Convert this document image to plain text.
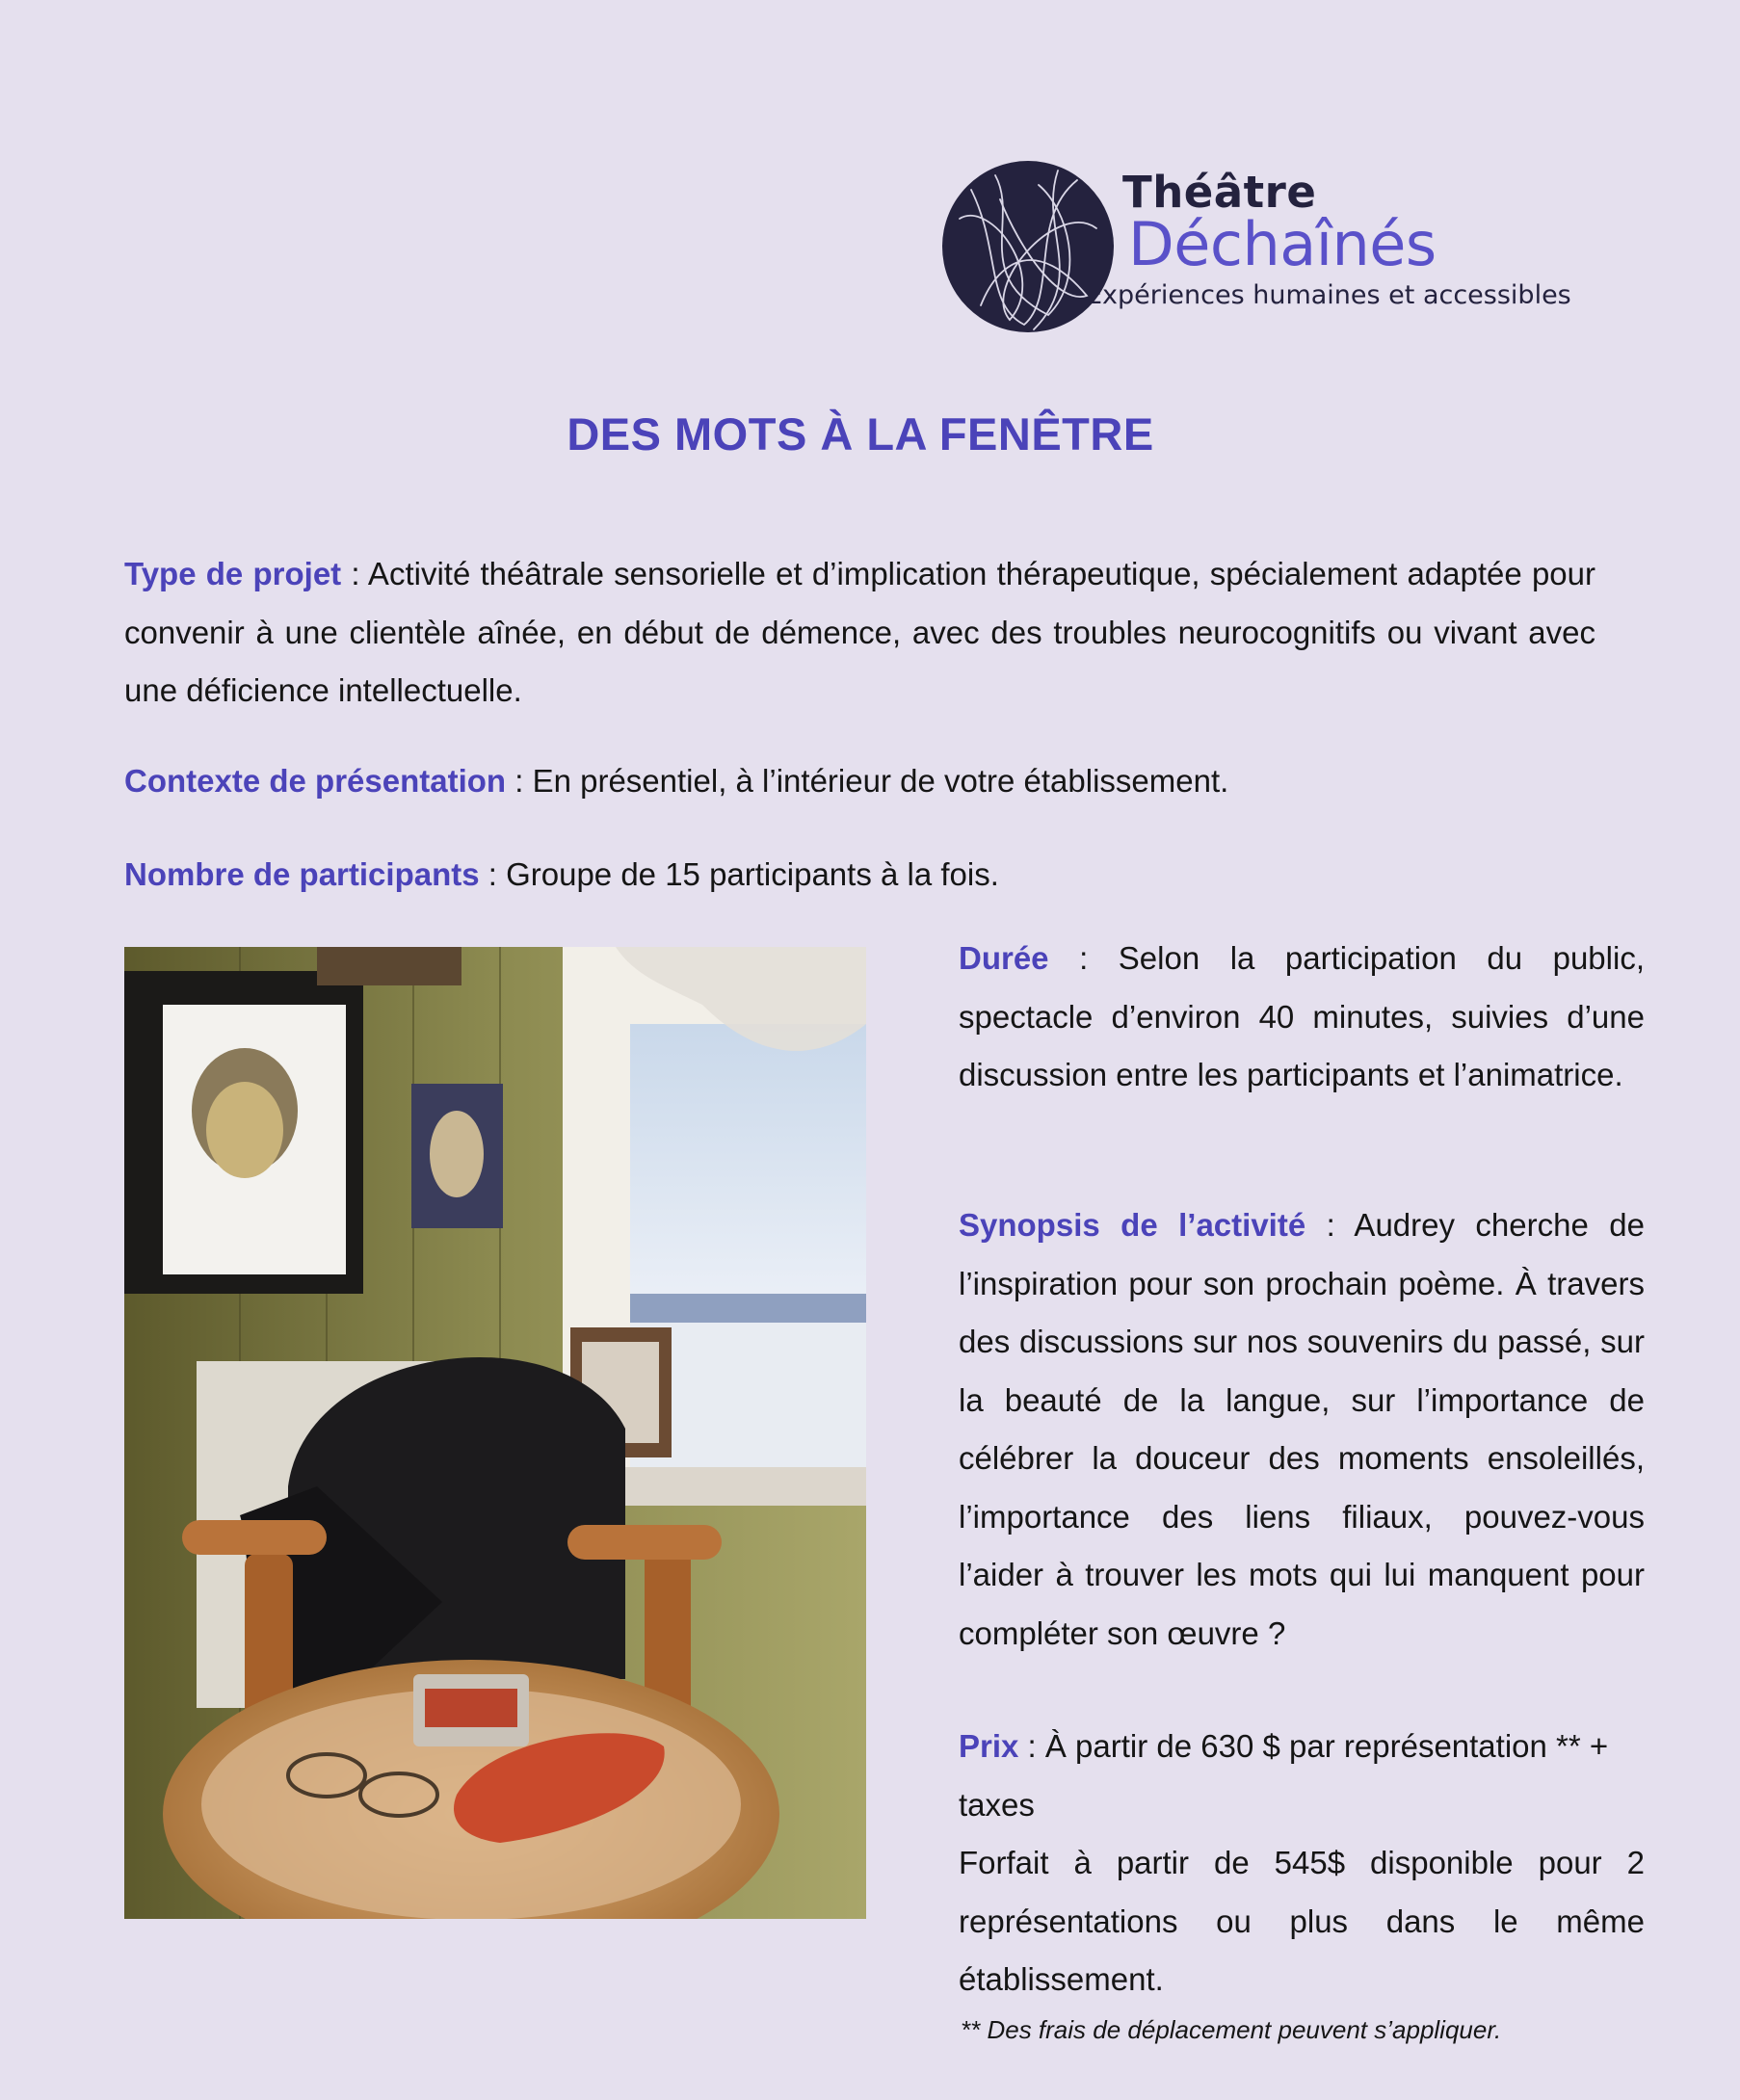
Théâtre
Déchaînés
Expériences humaines et accessibles
DES MOTS À LA FENÊTRE

Type de projet : Activité théâtrale sensorielle et d’implication thérapeutique, spécialement adaptée pour convenir à une clientèle aînée, en début de démence, avec des troubles neurocognitifs ou vivant avec une déficience intellectuelle.

Contexte de présentation : En présentiel, à l’intérieur de votre établissement.

Nombre de participants : Groupe de 15 participants à la fois.

Durée : Selon la participation du public, spectacle d’environ 40 minutes, suivies d’une discussion entre les participants et l’animatrice.

Synopsis de l’activité : Audrey cherche de l’inspiration pour son prochain poème. À travers des discussions sur nos souvenirs du passé, sur la beauté de la langue, sur l’importance de célébrer la douceur des moments ensoleillés, l’importance des liens filiaux, pouvez-vous l’aider à trouver les mots qui lui manquent pour compléter son œuvre ?

Prix : À partir de 630 $ par représentation ** + taxes

Forfait à partir de 545$ disponible pour 2 représentations ou plus dans le même établissement.

** Des frais de déplacement peuvent s’appliquer.
